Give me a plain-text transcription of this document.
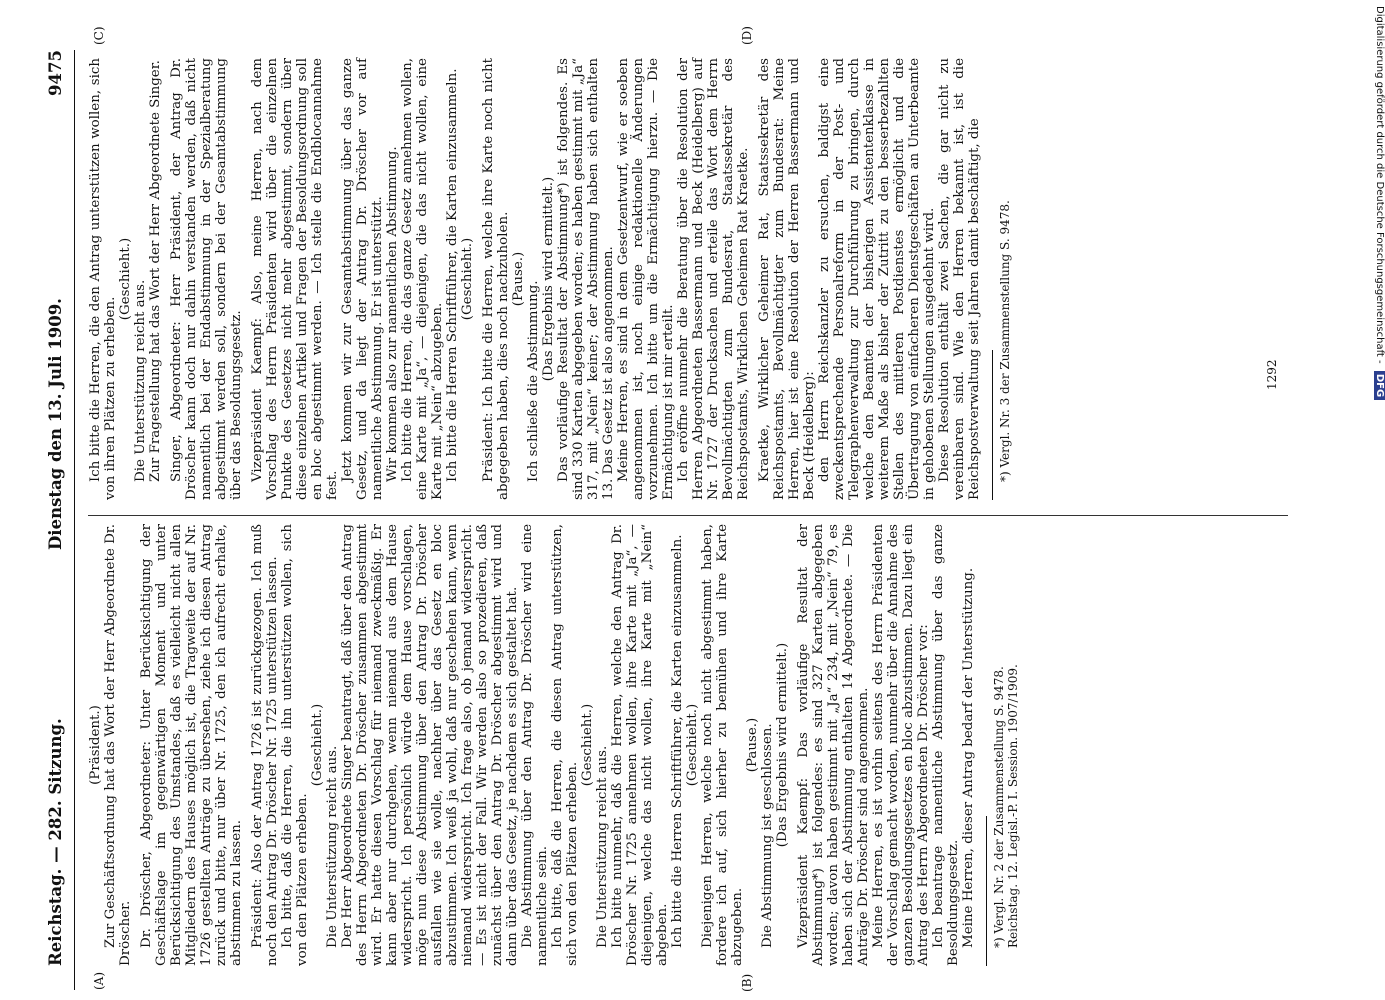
Reichstag. — 282. Sitzung.
Dienstag den 13. Juli 1909.
9475
(A)	(B)
(C)	(D)

(Präsident.) Zur Geschäftsordnung hat das Wort der Herr Abgeordnete Dr. Dröscher. Dr. Dröscher, Abgeordneter: Unter Berücksichtigung der Geschäftslage im gegenwärtigen Moment und unter Berücksichtigung des Umstandes, daß es vielleicht nicht allen Mitgliedern des Hauses möglich ist, die Tragweite der auf Nr. 1726 gestellten Anträge zu übersehen, ziehe ich diesen Antrag zurück und bitte, nur über Nr. 1725, den ich aufrecht erhalte, abstimmen zu lassen. Präsident: Also der Antrag 1726 ist zurückgezogen. Ich muß noch den Antrag Dr. Dröscher Nr. 1725 unterstützen lassen. Ich bitte, daß die Herren, die ihn unterstützen wollen, sich von den Plätzen erheben.

(Geschieht.)

Die Unterstützung reicht aus. Der Herr Abgeordnete Singer beantragt, daß über den Antrag des Herrn Abgeordneten Dr. Dröscher zusammen abgestimmt wird. Er hatte diesen Vorschlag für niemand zweckmäßig. Er kann aber nur durchgehen, wenn niemand aus dem Hause widerspricht. Ich persönlich würde dem Hause vorschlagen, möge nun diese Abstimmung über den Antrag Dr. Dröscher ausfallen wie sie wolle, nachher über das Gesetz en bloc abzustimmen. Ich weiß ja wohl, daß nur geschehen kann, wenn niemand widerspricht. Ich frage also, ob jemand widerspricht. — Es ist nicht der Fall. Wir werden also so prozedieren, daß zunächst über den Antrag Dr. Dröscher abgestimmt wird und dann über das Gesetz, je nachdem es sich gestaltet hat. Die Abstimmung über den Antrag Dr. Dröscher wird eine namentliche sein. Ich bitte, daß die Herren, die diesen Antrag unterstützen, sich von den Plätzen erheben.

(Geschieht.)

Die Unterstützung reicht aus. Ich bitte nunmehr, daß die Herren, welche den Antrag Dr. Dröscher Nr. 1725 annehmen wollen, ihre Karte mit „Ja“, — diejenigen, welche das nicht wollen, ihre Karte mit „Nein“ abgeben. Ich bitte die Herren Schriftführer, die Karten einzusammeln. (Geschieht.) Diejenigen Herren, welche noch nicht abgestimmt haben, fordere ich auf, sich hierher zu bemühen und ihre Karte abzugeben.

(Pause.) Die Abstimmung ist geschlossen. (Das Ergebnis wird ermittelt.) Vizepräsident Kaempf: Das vorläufige Resultat der Abstimmung*) ist folgendes: es sind 327 Karten abgegeben worden; davon haben gestimmt mit „Ja“ 234, mit „Nein“ 79, es haben sich der Abstimmung enthalten 14 Abgeordnete. — Die Anträge Dr. Dröscher sind angenommen. Meine Herren, es ist vorhin seitens des Herrn Präsidenten der Vorschlag gemacht worden, nunmehr über die Annahme des ganzen Besoldungsgesetzes en bloc abzustimmen. Dazu liegt ein Antrag des Herrn Abgeordneten Dr. Dröscher vor: Ich beantrage namentliche Abstimmung über das ganze Besoldungsgesetz. Meine Herren, dieser Antrag bedarf der Unterstützung. *) Vergl. Nr. 2 der Zusammenstellung S. 9478. Reichstag. 12. Legisl.-P. I. Session. 1907/1909.

Ich bitte die Herren, die den Antrag unterstützen wollen, sich von ihren Plätzen zu erheben.

(Geschieht.)

Die Unterstützung reicht aus. Zur Fragestellung hat das Wort der Herr Abgeordnete Singer. Singer, Abgeordneter: Herr Präsident, der Antrag Dr. Dröscher kann doch nur dahin verstanden werden, daß nicht namentlich bei der Endabstimmung in der Spezialberatung abgestimmt werden soll, sondern bei der Gesamtabstimmung über das Besoldungsgesetz. Vizepräsident Kaempf: Also, meine Herren, nach dem Vorschlag des Herrn Präsidenten wird über die einzelnen Punkte des Gesetzes nicht mehr abgestimmt, sondern über diese einzelnen Artikel und Fragen der Besoldungsordnung soll en bloc abgestimmt werden. — Ich stelle die Endblocannahme fest.

Jetzt kommen wir zur Gesamtabstimmung über das ganze Gesetz, und da liegt der Antrag Dr. Dröscher vor auf namentliche Abstimmung. Er ist unterstützt. Wir kommen also zur namentlichen Abstimmung. Ich bitte die Herren, die das ganze Gesetz annehmen wollen, eine Karte mit „Ja“, — diejenigen, die das nicht wollen, eine Karte mit „Nein“ abzugeben. Ich bitte die Herren Schriftführer, die Karten einzusammeln. (Geschieht.) Präsident: Ich bitte die Herren, welche ihre Karte noch nicht abgegeben haben, dies noch nachzuholen. (Pause.)

Ich schließe die Abstimmung. (Das Ergebnis wird ermittelt.) Das vorläufige Resultat der Abstimmung*) ist folgendes. Es sind 330 Karten abgegeben worden; es haben gestimmt mit „Ja“ 317, mit „Nein“ keiner; der Abstimmung haben sich enthalten 13. Das Gesetz ist also angenommen. Meine Herren, es sind in dem Gesetzentwurf, wie er soeben angenommen ist, noch einige redaktionelle Änderungen vorzunehmen. Ich bitte um die Ermächtigung hierzu. — Die Ermächtigung ist mir erteilt. Ich eröffne nunmehr die Beratung über die Resolution der Herren Abgeordneten Bassermann und Beck (Heidelberg) auf Nr. 1727 der Drucksachen und erteile das Wort dem Herrn Bevollmächtigten zum Bundesrat, Staatssekretär des Reichspostamts, Wirklichen Geheimen Rat Kraetke. Kraetke, Wirklicher Geheimer Rat, Staatssekretär des Reichspostamts, Bevollmächtigter zum Bundesrat: Meine Herren, hier ist eine Resolution der Herren Bassermann und Beck (Heidelberg): den Herrn Reichskanzler zu ersuchen, baldigst eine zweckentsprechende Personalreform in der Post- und Telegraphenverwaltung zur Durchführung zu bringen, durch welche den Beamten der bisherigen Assistentenklasse in weiterem Maße als bisher der Zutritt zu den besserbezahlten Stellen des mittleren Postdienstes ermöglicht und die Übertragung von einfacheren Dienstgeschäften an Unterbeamte in gehobenen Stellungen ausgedehnt wird. Diese Resolution enthält zwei Sachen, die gar nicht zu vereinbaren sind. Wie den Herren bekannt ist, ist die Reichspostverwaltung seit Jahren damit beschäftigt, die *) Vergl. Nr. 3 der Zusammenstellung S. 9478.	1292
Digitalisierung gefördert durch die Deutsche Forschungsgemeinschaft - DFG
